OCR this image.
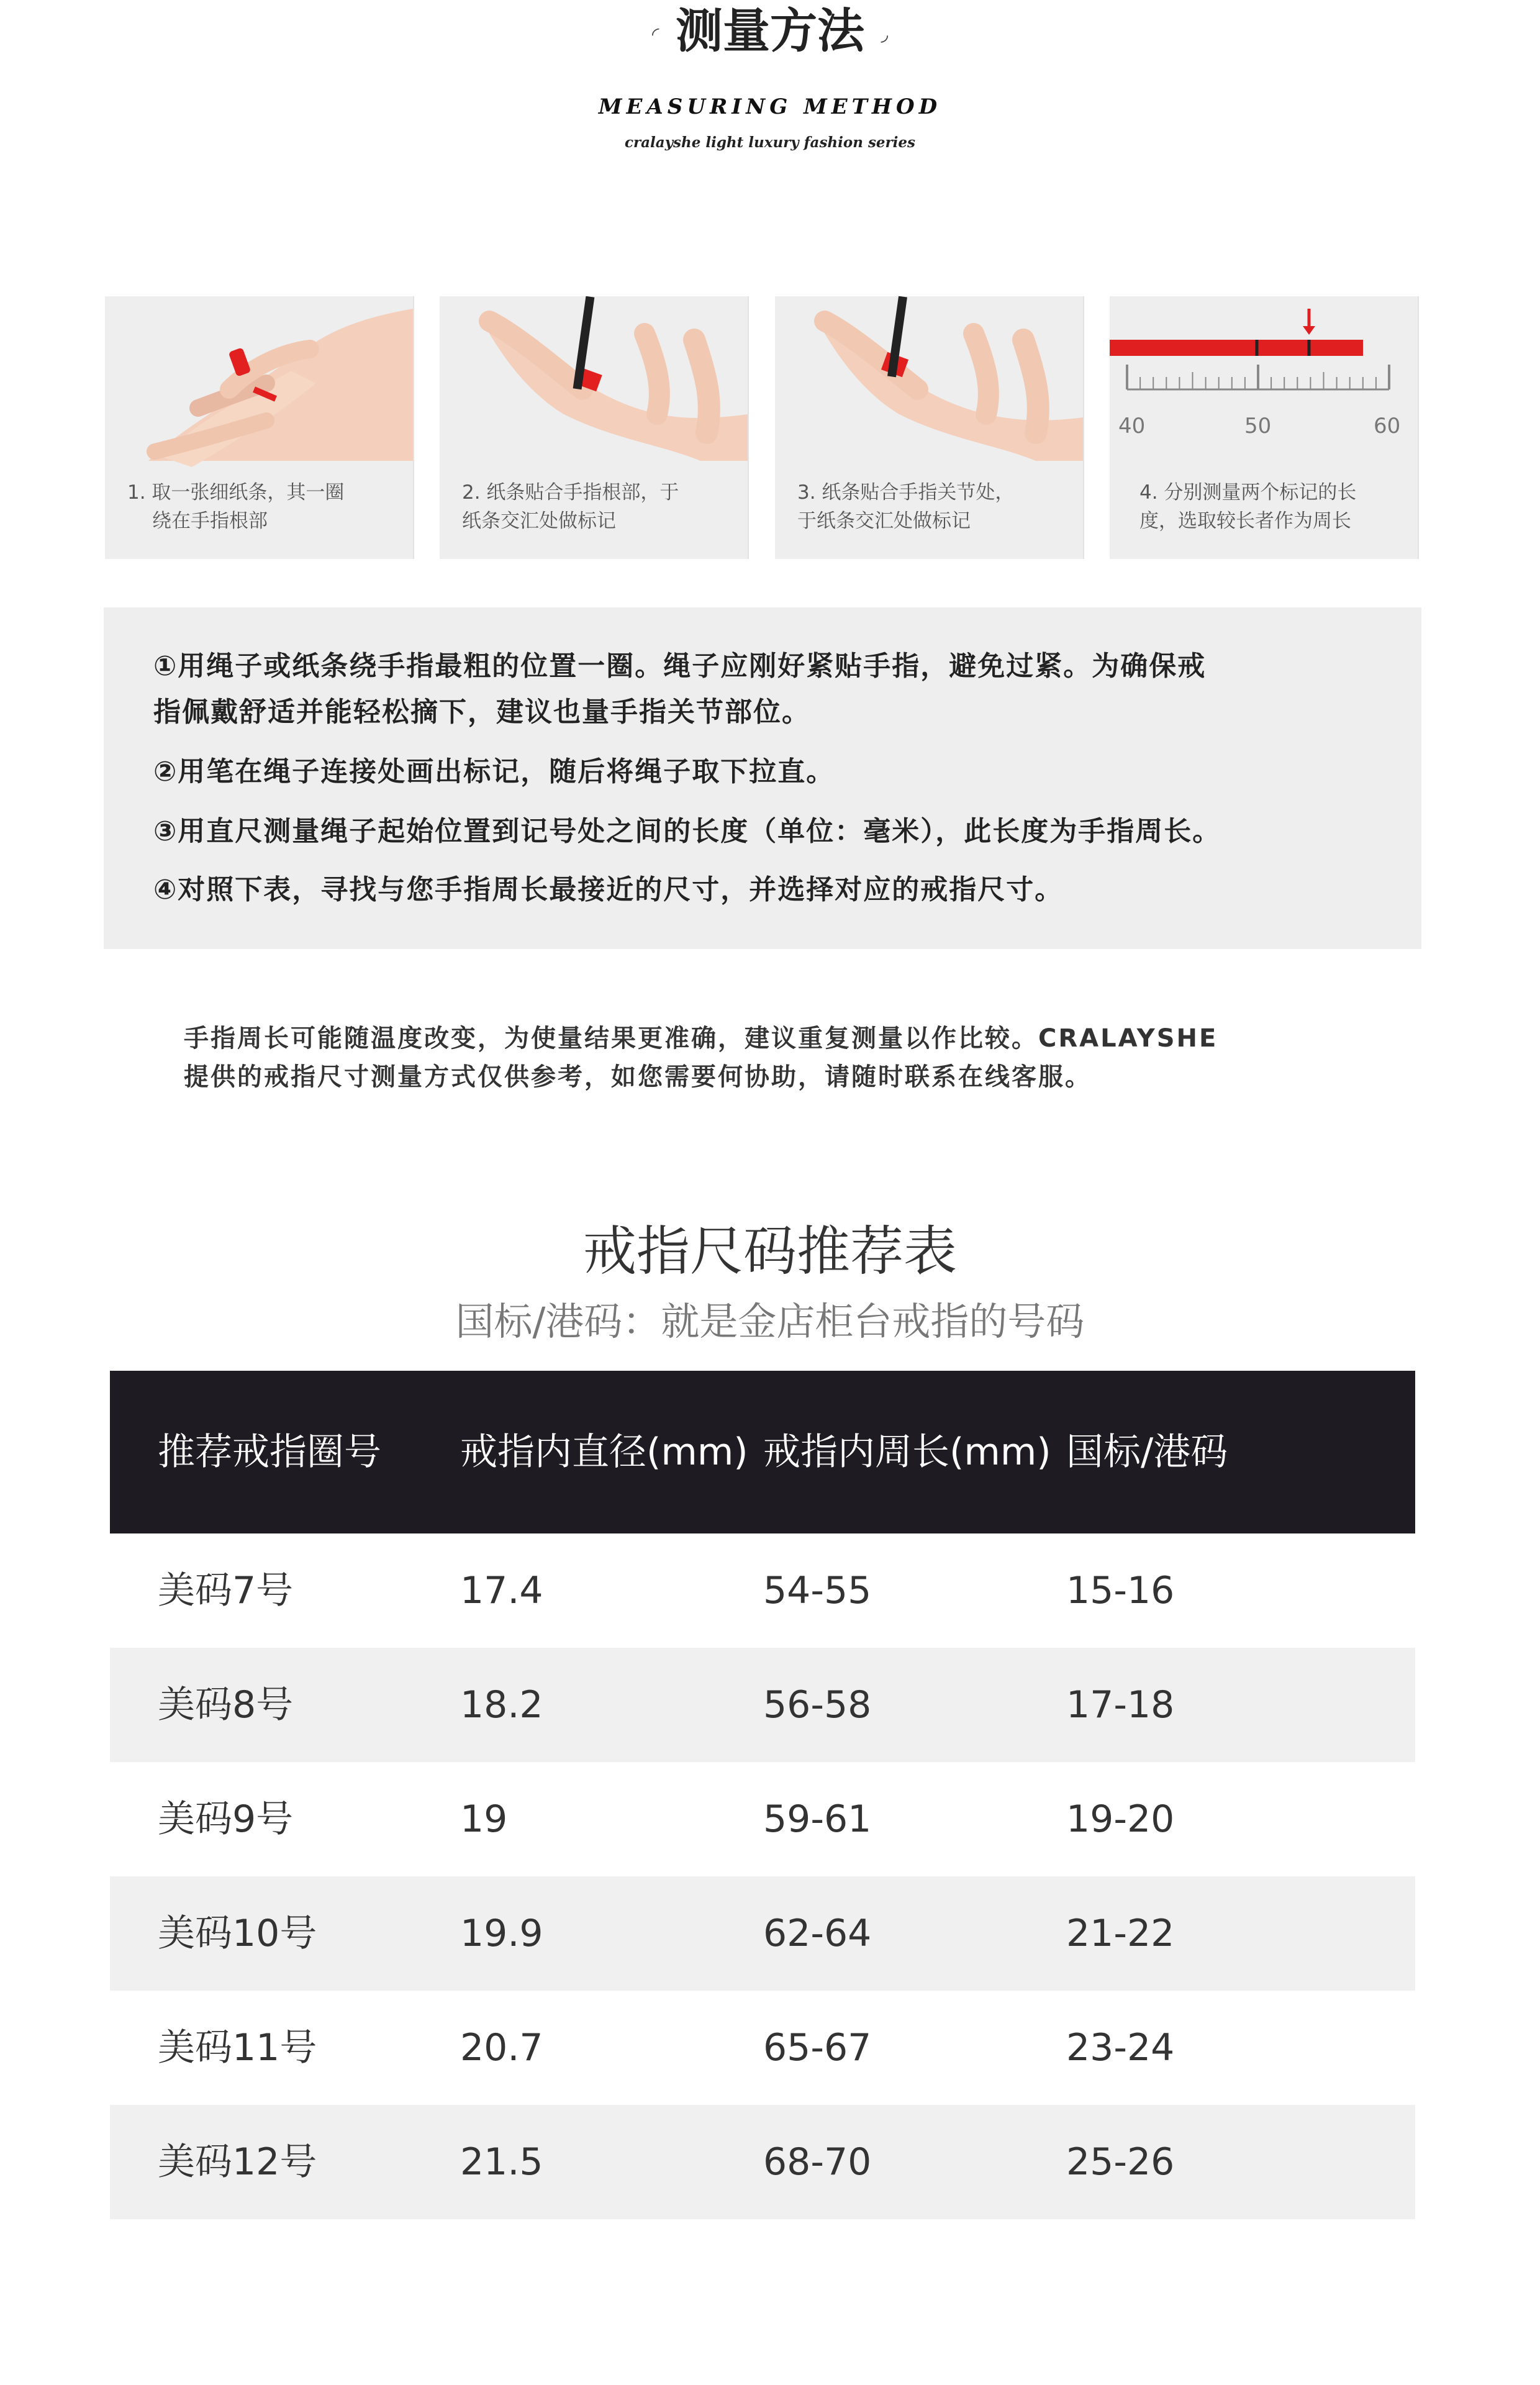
◜ 测量方法 ◞
MEASURING METHOD
cralayshe light luxury fashion series
1. 取一张细纸条，其一圈
绕在手指根部
2. 纸条贴合手指根部，于
纸条交汇处做标记
3. 纸条贴合手指关节处，
于纸条交汇处做标记
40	50	60
4. 分别测量两个标记的长
度，选取较长者作为周长
①用绳子或纸条绕手指最粗的位置一圈。绳子应刚好紧贴手指，避免过紧。为确保戒
指佩戴舒适并能轻松摘下，建议也量手指关节部位。
②用笔在绳子连接处画出标记，随后将绳子取下拉直。
③用直尺测量绳子起始位置到记号处之间的长度（单位：毫米），此长度为手指周长。
④对照下表，寻找与您手指周长最接近的尺寸，并选择对应的戒指尺寸。
手指周长可能随温度改变，为使量结果更准确，建议重复测量以作比较。CRALAYSHE
提供的戒指尺寸测量方式仅供参考，如您需要何协助，请随时联系在线客服。
戒指尺码推荐表
国标/港码：就是金店柜台戒指的号码
推荐戒指圈号 戒指内直径(mm) 戒指内周长(mm) 国标/港码
美码7号	17.4	54-55	15-16
美码8号	18.2	56-58	17-18
美码9号	19	59-61	19-20
美码10号	19.9	62-64	21-22
美码11号	20.7	65-67	23-24
美码12号	21.5	68-70	25-26
